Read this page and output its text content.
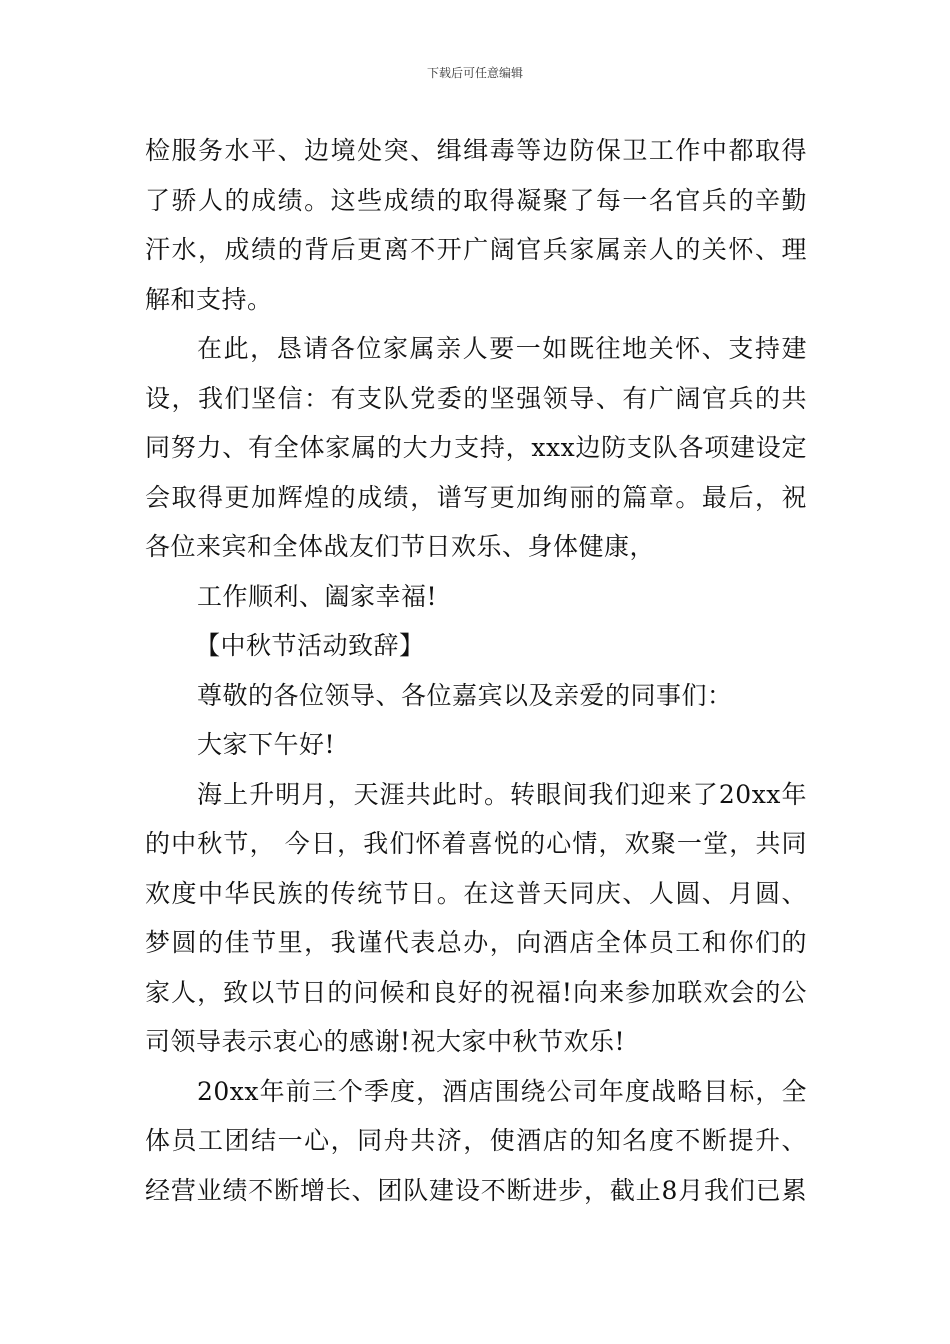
下载后可任意编辑
检服务水平、边境处突、缉缉毒等边防保卫工作中都取得
了骄人的成绩。这些成绩的取得凝聚了每一名官兵的辛勤
汗水，成绩的背后更离不开广阔官兵家属亲人的关怀、理
解和支持。
在此，恳请各位家属亲人要一如既往地关怀、支持建
设，我们坚信：有支队党委的坚强领导、有广阔官兵的共
同努力、有全体家属的大力支持，xxx边防支队各项建设定
会取得更加辉煌的成绩，谱写更加绚丽的篇章。最后，祝
各位来宾和全体战友们节日欢乐、身体健康，
工作顺利、阖家幸福!
【中秋节活动致辞】
尊敬的各位领导、各位嘉宾以及亲爱的同事们：
大家下午好!
海上升明月，天涯共此时。转眼间我们迎来了20xx年
的中秋节， 今日，我们怀着喜悦的心情，欢聚一堂，共同
欢度中华民族的传统节日。在这普天同庆、人圆、月圆、
梦圆的佳节里，我谨代表总办，向酒店全体员工和你们的
家人，致以节日的问候和良好的祝福!向来参加联欢会的公
司领导表示衷心的感谢!祝大家中秋节欢乐!
20xx年前三个季度，酒店围绕公司年度战略目标，全
体员工团结一心，同舟共济，使酒店的知名度不断提升、
经营业绩不断增长、团队建设不断进步，截止8月我们已累
